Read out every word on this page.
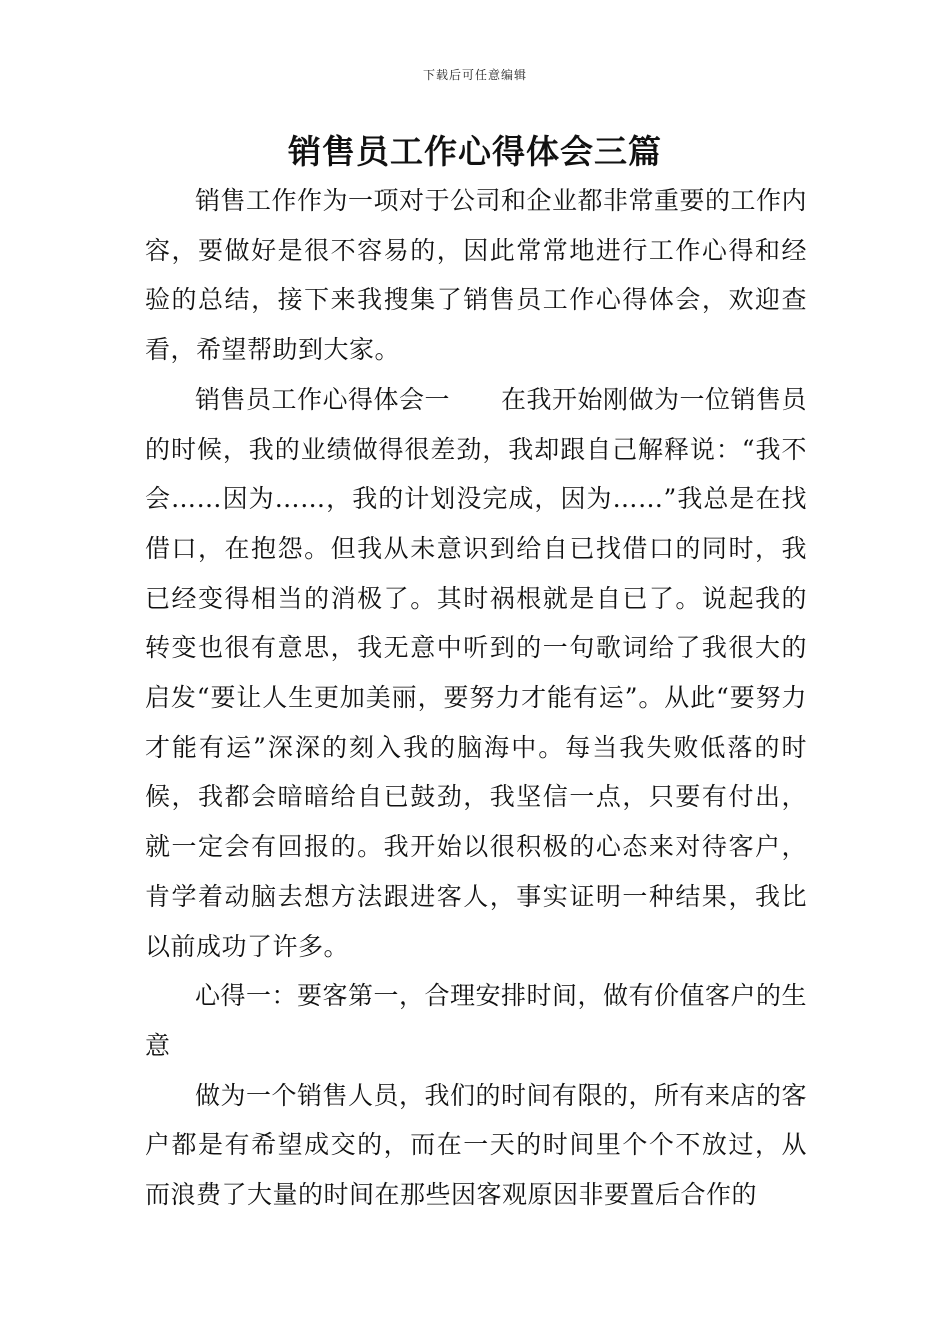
下载后可任意编辑
销售员工作心得体会三篇

销售工作作为一项对于公司和企业都非常重要的工作内容，要做好是很不容易的，因此常常地进行工作心得和经验的总结，接下来我搜集了销售员工作心得体会，欢迎查看，希望帮助到大家。

销售员工作心得体会一　　在我开始刚做为一位销售员的时候，我的业绩做得很差劲，我却跟自己解释说：“我不会……因为……，我的计划没完成，因为……”我总是在找借口，在抱怨。但我从未意识到给自已找借口的同时，我已经变得相当的消极了。其时祸根就是自已了。说起我的转变也很有意思，我无意中听到的一句歌词给了我很大的启发“要让人生更加美丽，要努力才能有运”。从此“要努力才能有运”深深的刻入我的脑海中。每当我失败低落的时候，我都会暗暗给自已鼓劲，我坚信一点，只要有付出，就一定会有回报的。我开始以很积极的心态来对待客户，肯学着动脑去想方法跟进客人，事实证明一种结果，我比以前成功了许多。

心得一：要客第一，合理安排时间，做有价值客户的生意

做为一个销售人员，我们的时间有限的，所有来店的客户都是有希望成交的，而在一天的时间里个个不放过，从而浪费了大量的时间在那些因客观原因非要置后合作的
